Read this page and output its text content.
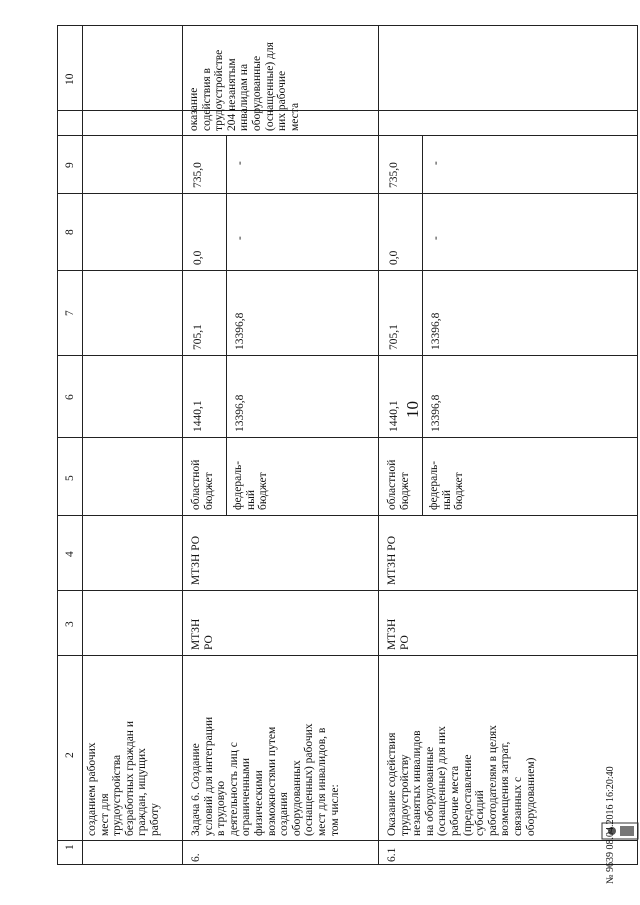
10
1
2
3
4
5
6
7
8
9
10
созданием рабочих
мест для
трудоустройства
безработных граждан и
граждан, ищущих
работу
оказание
содействия в
трудоустройстве
204 незанятым
инвалидам на
оборудованные
(оснащенные) для
них рабочие
места
6.
Задача 6. Создание
условий для интеграции
в трудовую
деятельность лиц с
ограниченными
физическими
возможностями путем
создания
оборудованных
(оснащенных) рабочих
мест для инвалидов, в
том числе:
МТЗН
РО
МТЗН РО
областной
бюджет
1440,1
705,1
0,0
735,0
федераль-
ный
бюджет
13396,8
13396,8
-
-
6.1
Оказание содействия
трудоустройству
незанятых инвалидов
на оборудованные
(оснащенные) для них
рабочие места
(предоставление
субсидий
работодателям в целях
возмещения затрат,
связанных с
оборудованием)
МТЗН
РО
МТЗН РО
областной
бюджет
1440,1
705,1
0,0
735,0
федераль-
ный
бюджет
13396,8
13396,8
-
-
№ 9639 08.04.2016 16:20:40
